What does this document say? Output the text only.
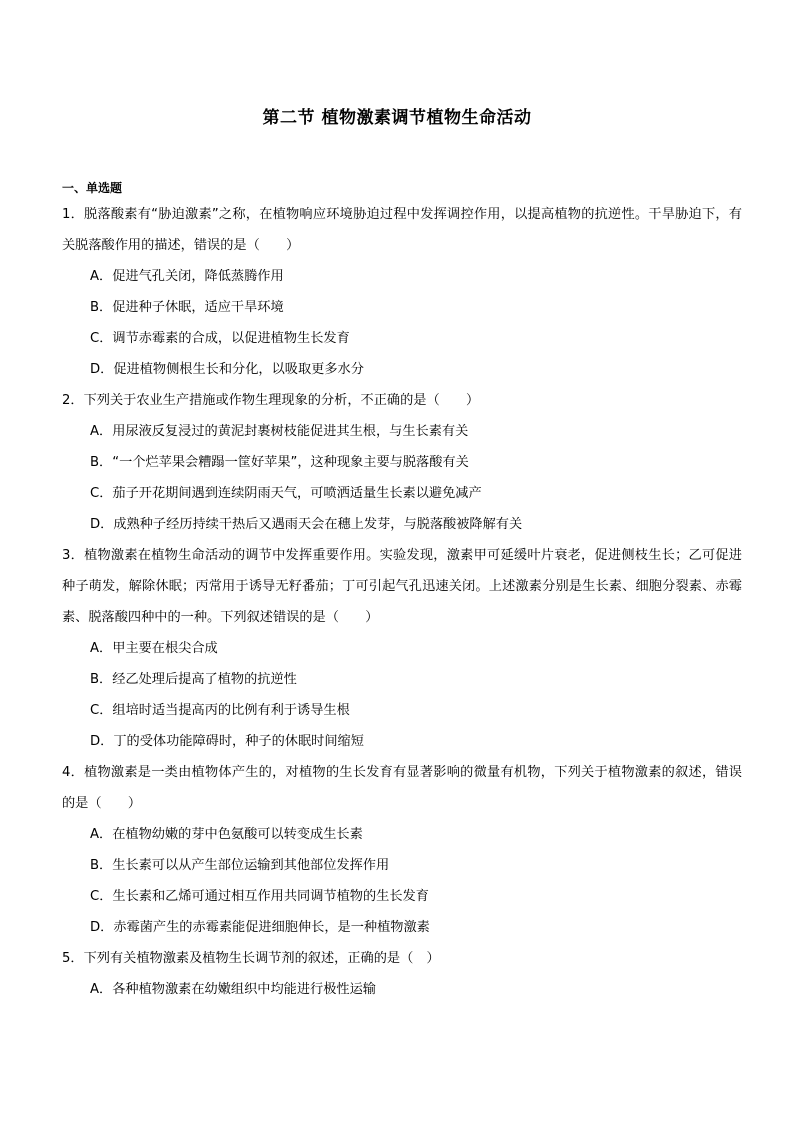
第二节 植物激素调节植物生命活动
一、单选题

1．脱落酸素有“胁迫激素”之称，在植物响应环境胁迫过程中发挥调控作用，以提高植物的抗逆性。干旱胁迫下，有关脱落酸作用的描述，错误的是（　　）

A．促进气孔关闭，降低蒸腾作用

B．促进种子休眠，适应干旱环境

C．调节赤霉素的合成，以促进植物生长发育

D．促进植物侧根生长和分化，以吸取更多水分

2．下列关于农业生产措施或作物生理现象的分析，不正确的是（　　）

A．用尿液反复浸过的黄泥封裹树枝能促进其生根，与生长素有关

B．“一个烂苹果会糟蹋一筐好苹果”，这种现象主要与脱落酸有关

C．茄子开花期间遇到连续阴雨天气，可喷洒适量生长素以避免减产

D．成熟种子经历持续干热后又遇雨天会在穗上发芽，与脱落酸被降解有关

3．植物激素在植物生命活动的调节中发挥重要作用。实验发现，激素甲可延缓叶片衰老，促进侧枝生长；乙可促进种子萌发，解除休眠；丙常用于诱导无籽番茄；丁可引起气孔迅速关闭。上述激素分别是生长素、细胞分裂素、赤霉素、脱落酸四种中的一种。下列叙述错误的是（　　）

A．甲主要在根尖合成

B．经乙处理后提高了植物的抗逆性

C．组培时适当提高丙的比例有利于诱导生根

D．丁的受体功能障碍时，种子的休眠时间缩短

4．植物激素是一类由植物体产生的，对植物的生长发育有显著影响的微量有机物，下列关于植物激素的叙述，错误的是（　　）

A．在植物幼嫩的芽中色氨酸可以转变成生长素

B．生长素可以从产生部位运输到其他部位发挥作用

C．生长素和乙烯可通过相互作用共同调节植物的生长发育

D．赤霉菌产生的赤霉素能促进细胞伸长，是一种植物激素

5．下列有关植物激素及植物生长调节剂的叙述，正确的是（　）

A．各种植物激素在幼嫩组织中均能进行极性运输
